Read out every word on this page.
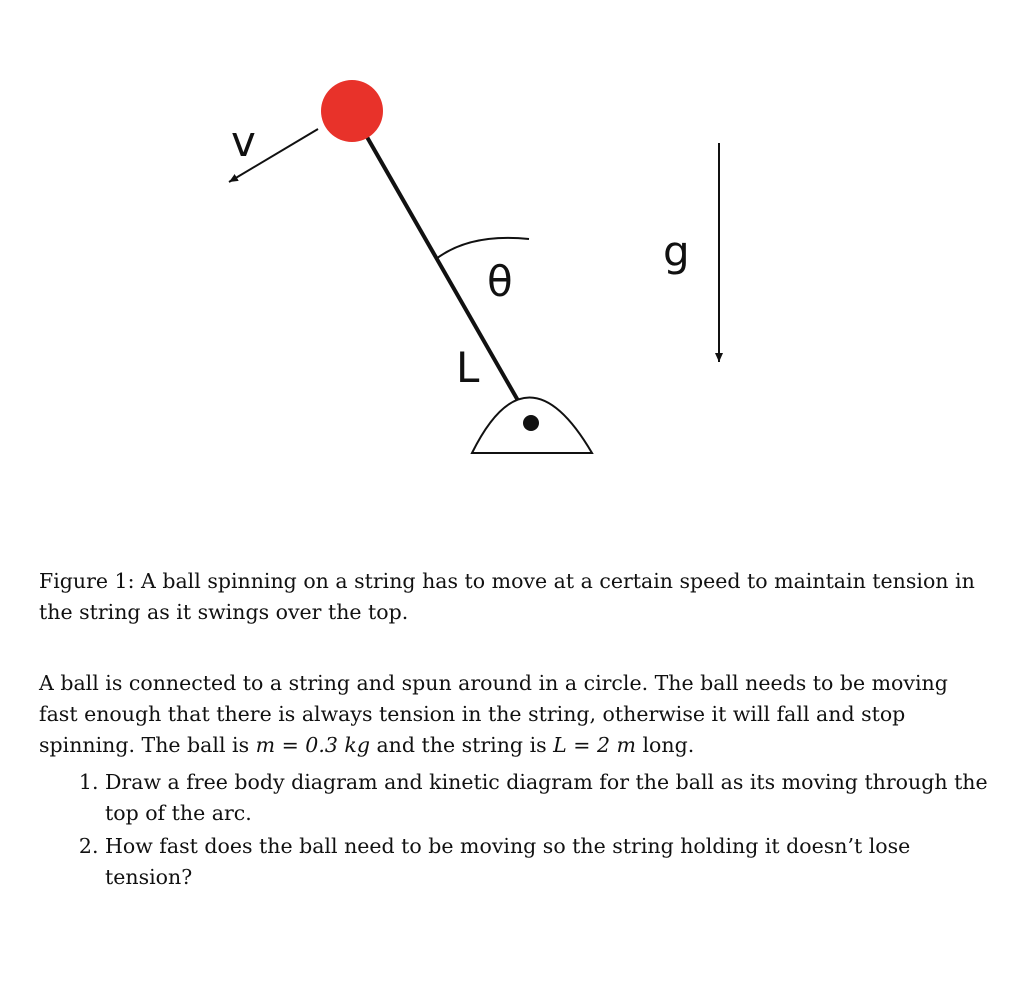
v
θ
L
g
Figure 1: A ball spinning on a string has to move at a certain speed to maintain tension in the string as it swings over the top.

A ball is connected to a string and spun around in a circle. The ball needs to be moving fast enough that there is always tension in the string, otherwise it will fall and stop spinning. The ball is m = 0.3 kg and the string is L = 2 m long.

1. Draw a free body diagram and kinetic diagram for the ball as its moving through the top of the arc.
2. How fast does the ball need to be moving so the string holding it doesn’t lose tension?
